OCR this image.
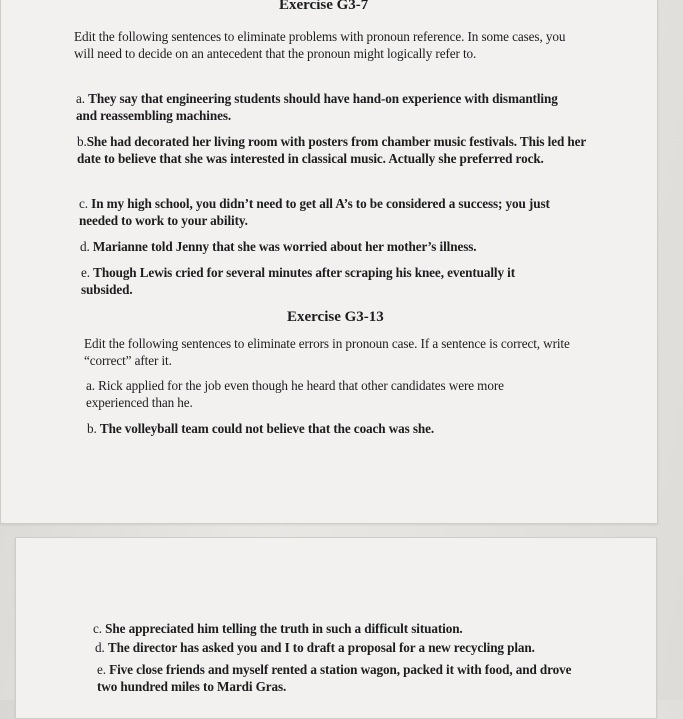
Exercise G3-7
Edit the following sentences to eliminate problems with pronoun reference. In some cases, you will need to decide on an antecedent that the pronoun might logically refer to.
a. They say that engineering students should have hand-on experience with dismantling and reassembling machines.
b.She had decorated her living room with posters from chamber music festivals. This led her date to believe that she was interested in classical music. Actually she preferred rock.
c. In my high school, you didn’t need to get all A’s to be considered a success; you just needed to work to your ability.
d. Marianne told Jenny that she was worried about her mother’s illness.
e. Though Lewis cried for several minutes after scraping his knee, eventually it subsided.
Exercise G3-13
Edit the following sentences to eliminate errors in pronoun case. If a sentence is correct, write “correct” after it.
a. Rick applied for the job even though he heard that other candidates were more experienced than he.
b. The volleyball team could not believe that the coach was she.
c. She appreciated him telling the truth in such a difficult situation.
d. The director has asked you and I to draft a proposal for a new recycling plan.
e. Five close friends and myself rented a station wagon, packed it with food, and drove two hundred miles to Mardi Gras.
